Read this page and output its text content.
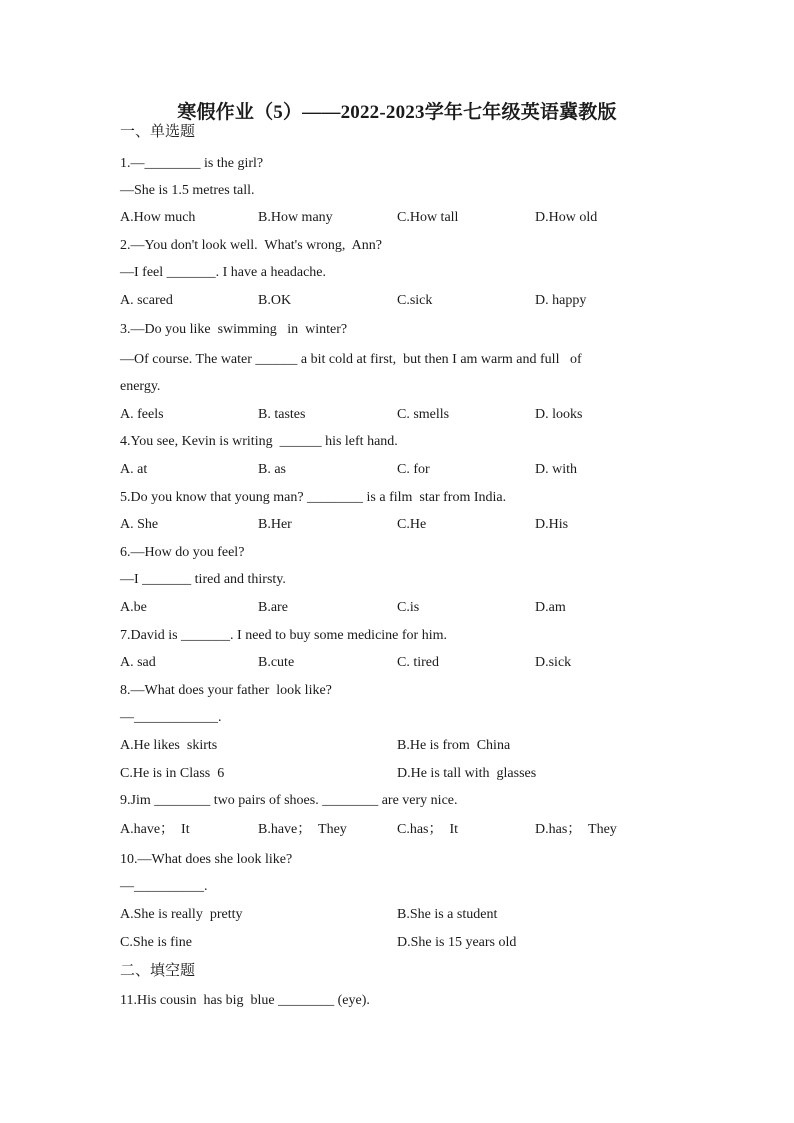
寒假作业（5）——2022-2023学年七年级英语冀教版
一、单选题
1.—________ is the girl?
—She is 1.5 metres tall.
A.How much	B.How many	C.How tall	D.How old
2.—You don't look well.  What's wrong,  Ann?
—I feel _______. I have a headache.
A. scared	B.OK	C.sick	D. happy
3.—Do you like  swimming   in  winter?
—Of course. The water ______ a bit cold at first,  but then I am warm and full   of
energy.
A. feels	B. tastes	C. smells	D. looks
4.You see, Kevin is writing  ______ his left hand.
A. at	B. as	C. for	D. with
5.Do you know that young man? ________ is a film  star from India.
A. She	B.Her	C.He	D.His
6.—How do you feel?
—I _______ tired and thirsty.
A.be	B.are	C.is	D.am
7.David is _______. I need to buy some medicine for him.
A. sad	B.cute	C. tired	D.sick
8.—What does your father  look like?
—____________.
A.He likes  skirts	B.He is from  China
C.He is in Class  6	D.He is tall with  glasses
9.Jim ________ two pairs of shoes. ________ are very nice.
A.have；  It	B.have；  They	C.has；  It	D.has；  They
10.—What does she look like?
—__________.
A.She is really  pretty	B.She is a student
C.She is fine	D.She is 15 years old
二、填空题
11.His cousin  has big  blue ________ (eye).
